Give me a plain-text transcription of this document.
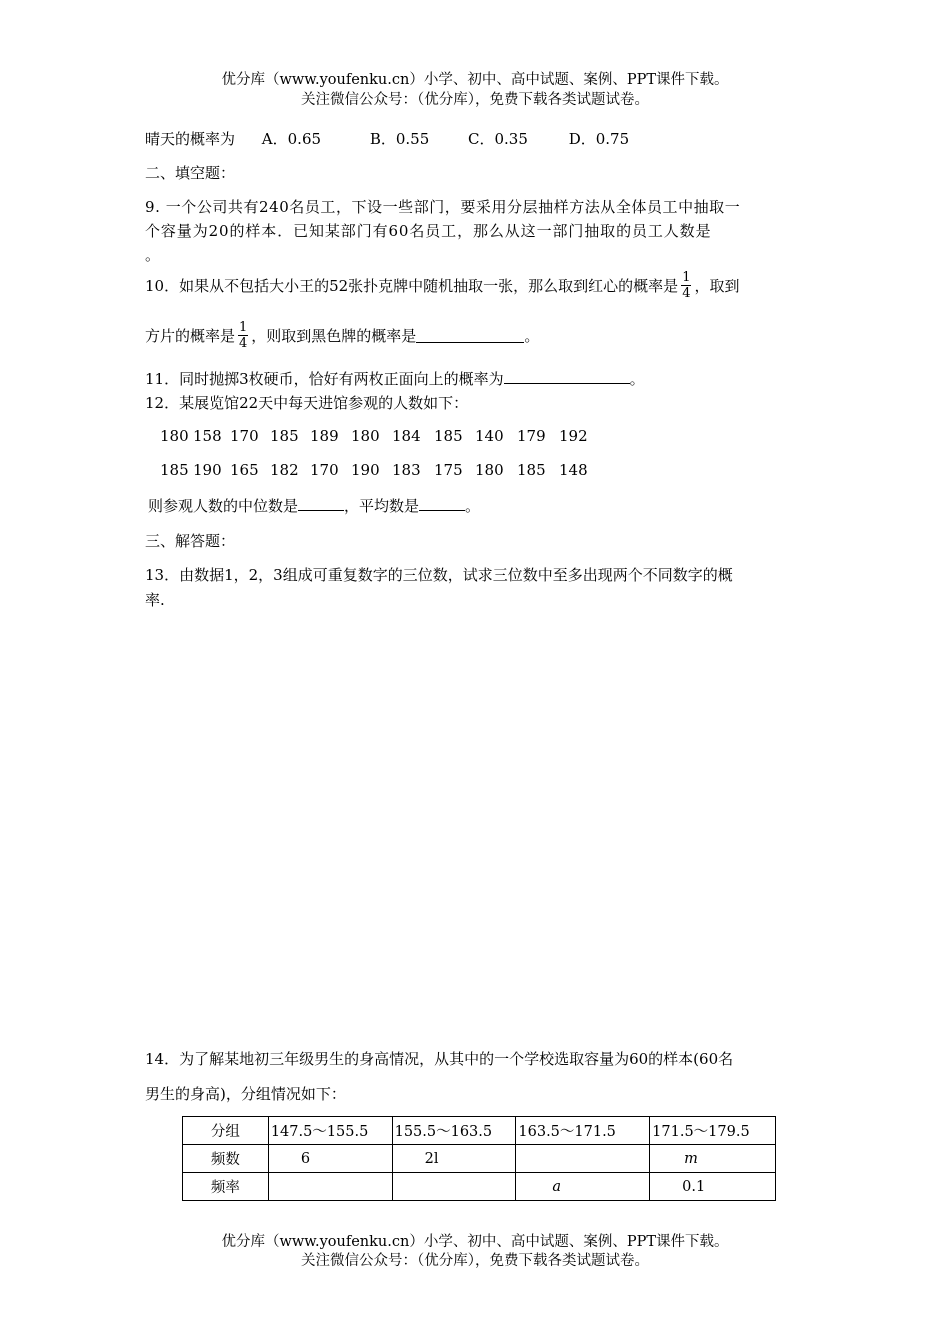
优分库（www.youfenku.cn）小学、初中、高中试题、案例、PPT课件下载。
关注微信公众号：（优分库），免费下载各类试题试卷。
晴天的概率为 A．0.65	B．0.55	C．0.35	D．0.75
二、填空题：
9. 一个公司共有240名员工，下设一些部门，要采用分层抽样方法从全体员工中抽取一
个容量为20的样本．已知某部门有60名员工，那么从这一部门抽取的员工人数是
。
10．如果从不包括大小王的52张扑克牌中随机抽取一张，那么取到红心的概率是 $\frac{1}{4}$ ，取到
方片的概率是 $\frac{1}{4}$ ，则取到黑色牌的概率是	。
11．同时抛掷3枚硬币，恰好有两枚正面向上的概率为	。
12．某展览馆22天中每天进馆参观的人数如下：
180 158 170 185 189 180 184 185 140 179 192
185 190 165 182 170 190 183 175 180 185 148
则参观人数的中位数是	，平均数是	。
三、解答题：
13．由数据1，2，3组成可重复数字的三位数，试求三位数中至多出现两个不同数字的概
率.
14．为了解某地初三年级男生的身高情况，从其中的一个学校选取容量为60的样本(60名
男生的身高)，分组情况如下：
分组	147.5～155.5	155.5～163.5	163.5～171.5	171.5～179.5
频数	6	2l		m
频率			a	0.1
优分库（www.youfenku.cn）小学、初中、高中试题、案例、PPT课件下载。
关注微信公众号：（优分库），免费下载各类试题试卷。
